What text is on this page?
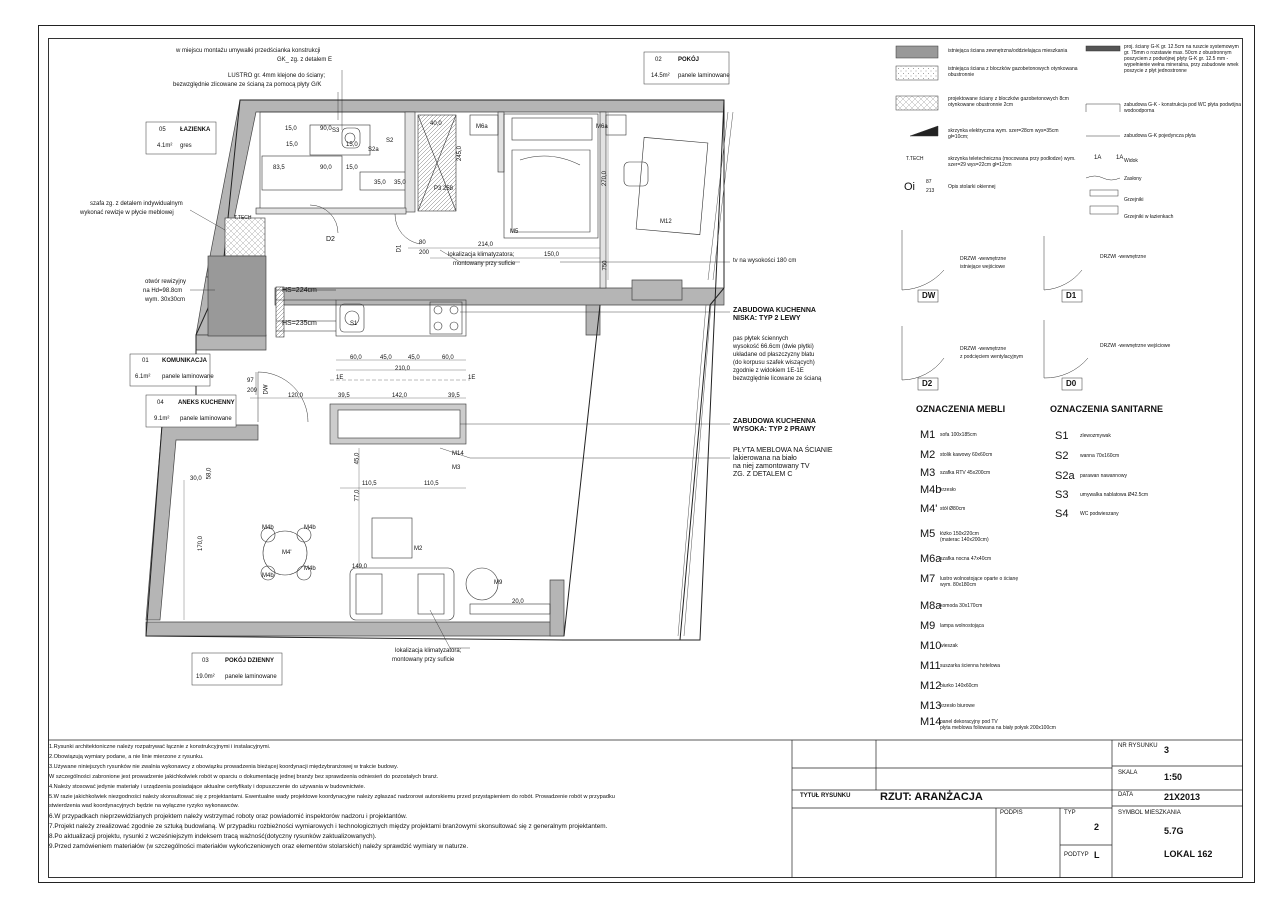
w miejscu montażu umywalki przedścianka konstrukcji
GK_ zg. z detalem E
LUSTRO gr. 4mm klejone do ściany;
bezwzględnie zlicowane ze ścianą za pomocą płyty G/K
szafa zg. z detalem indywidualnym
wykonać rewizje w płycie meblowej
otwór rewizyjny
na Hd=98.8cm
wym. 30x30cm
lokalizacja klimatyzatora;
montowany przy suficie	tv na wysokości 180 cm
ZABUDOWA KUCHENNA
NISKA: TYP 2 LEWY
pas płytek ściennych
wysokość 66.6cm (dwie płytki)
układane od płaszczyzny blatu
(do korpusu szafek wiszących)
zgodnie z widokiem 1E-1E
bezwzględnie licowane ze ścianą
ZABUDOWA KUCHENNA
WYSOKA: TYP 2 PRAWY
PŁYTA MEBLOWA NA ŚCIANIE
lakierowana na biało
na niej zamontowany TV
ZG. Z DETALEM C
lokalizacja klimatyzatora;
montowany przy suficie
HS=224cm
HS=235cm
T.TECH
D2
D1
80
200
DW
97
209
M5
M6a	M6a
M12
M2
M9
M3
M14
M4'
M4b	M4b
M4b
M4b
S1
S2
S3
S2a
P3 258
1E	1E
15,0	90,0
15,0
40,0
15,0
83,5	90,0
15,0
35,0 35,0
214,0
150,0
270,0
245,0
60,0	45,0	45,0	60,0
210,0
120,0	39,5	142,0	39,5
45,0
110,5	110,5
77,0
30,0 58,0
170,0
20,0
149,0
750
05 ŁAZIENKA
4.1m² gres
02	POKÓJ
14.5m² panele laminowane
01 KOMUNIKACJA
6.1m² panele laminowane
04 ANEKS KUCHENNY
9.1m² panele laminowane
03	POKÓJ DZIENNY
19.0m² panele laminowane
istniejąca ściana zewnętrzna/oddzielająca mieszkania
istniejąca ściana z bloczków gazobetonowych otynkowana obustronnie
projektowane ściany z bloczków gazobetonowych 8cm otynkowane obustronnie 2cm
skrzynka elektryczna wym. szer=28cm wys=35cm gł=10cm;
skrzynka teletechniczna (mocowana przy podłodze) wym. szer=29 wys=22cm gł=12cm
Opis stolarki okiennej
T.TECH
Oi 87
213
proj. ściany G-K gr. 12.5cm na ruszcie systemowym gr. 75mm o rozstawie max. 50cm z obustronnym poszyciem z podwójnej płyty G-K gr. 12.5 mm - wypełnienie wełna mineralna, przy zabudowie wnek poszycie z płyt jednostronne
zabudowa G-K - konstrukcja pod WC płyta podwójna wodoodporna
zabudowa G-K pojedyncza płyta
Widok
1A 1A
Zasłony
Grzejniki
Grzejniki w łazienkach
DRZWI -wewnętrzne
istniejące wejściowe
DW
DRZWI -wewnętrzne
D1
DRZWI -wewnętrzne
z podcięciem wentylacyjnym
D2
DRZWI -wewnętrzne wejściowe
D0
OZNACZENIA MEBLI	OZNACZENIA SANITARNE
1.Rysunki architektoniczne należy rozpatrywać łącznie z konstrukcyjnymi i instalacyjnymi.
2.Obowiązują wymiary podane, a nie linie mierzone z rysunku.
3.Używane niniejszych rysunków nie zwalnia wykonawcy z obowiązku prowadzenia bieżącej koordynacji międzybranżowej w trakcie budowy.
W szczególności zabronione jest prowadzenie jakichkolwiek robót w oparciu o dokumentację jednej branży bez sprawdzenia odniesień do pozostałych branż.
4.Należy stosować jedynie materiały i urządzenia posiadające aktualne certyfikaty i dopuszczenie do używania w budownictwie.
5.W razie jakichkolwiek niezgodności należy skonsultować się z projektantami. Ewentualne wady projektowe koordynacyjne należy zgłaszać nadzorowi autorskiemu przed przystąpieniem do robót. Prowadzenie robót w przypadku
stwierdzenia wad koordynacyjnych będzie na wyłączne ryzyko wykonawców.
6.W przypadkach nieprzewidzianych projektem należy wstrzymać roboty oraz powiadomić inspektorów nadzoru i projektantów.
7.Projekt należy zrealizować zgodnie ze sztuką budowlaną. W przypadku rozbieżności wymiarowych i technologicznych między projektami branżowymi skonsultować się z generalnym projektantem.
8.Po aktualizacji projektu, rysunki z wcześniejszym indeksem tracą ważność(dotyczny rysunków zaktualizowanych).
9.Przed zamówieniem materiałów (w szczególności materiałów wykończeniowych oraz elementów stolarskich) należy sprawdzić wymiary w naturze.
TYTUŁ RYSUNKU	RZUT: ARANŻACJA
PODPIS	TYP
2
PODTYP L
NR RYSUNKU 3
SKALA	1:50
DATA	21X2013
SYMBOL MIESZKANIA
5.7G
LOKAL 162
M1 sofa 100x185cm
M2 stolik kawowy 60x60cm
M3 szafka RTV 45x200cm
M4b
krzesło
M4' stół Ø80cm
M5 łóżko 150x220cm
(materac 140x200cm)
M6a
szafka nocna 47x40cm
M7 lustro wolnostojące oparte o ścianę
wym. 80x180cm
M8a
komoda 30x170cm
M9 lampa wolnostojąca
M10
wieszak
M11 suszarka ścienna hotelowa
M12
biurko 140x60cm
M13
krzesło biurowe
M14
panel dekoracyjny pod TV
płyta meblowa foliowana na biały połysk 200x100cm
S1 zlewozmywak
S2 wanna 70x160cm
S2a parawan nawannowy
S3 umywalka nablatowa Ø42.5cm
S4 WC podwieszany
